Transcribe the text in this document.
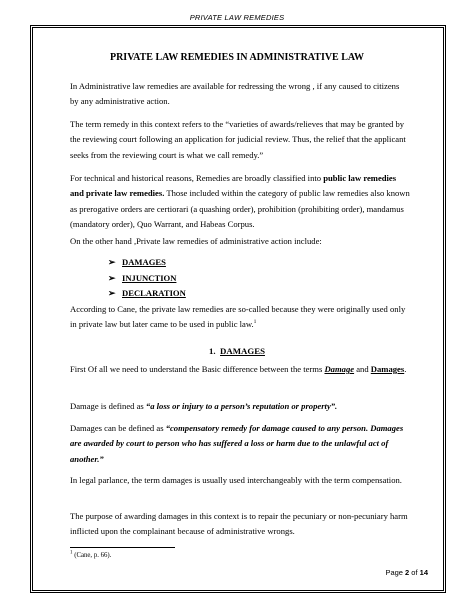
PRIVATE LAW REMEDIES
PRIVATE LAW REMEDIES IN ADMINISTRATIVE LAW

In Administrative law remedies are available for redressing the wrong , if any caused to citizens by any administrative action.

The term remedy in this context refers to the “varieties of awards/relieves that may be granted by the reviewing court following an application for judicial review. Thus, the relief that the applicant seeks from the reviewing court is what we call remedy.”

For technical and historical reasons, Remedies are broadly classified into public law remedies and private law remedies. Those included within the category of public law remedies also known as prerogative orders are certiorari (a quashing order), prohibition (prohibiting order), mandamus (mandatory order), Quo Warrant, and Habeas Corpus.

On the other hand ,Private law remedies of administrative action include:

➢ DAMAGES
➢ INJUNCTION
➢ DECLARATION

According to Cane, the private law remedies are so-called because they were originally used only in private law but later came to be used in public law.$^1$

1. DAMAGES

First Of all we need to understand the Basic difference between the terms Damage and Damages.

Damage is defined as “a loss or injury to a person’s reputation or property”.

Damages can be defined as “compensatory remedy for damage caused to any person. Damages are awarded by court to person who has suffered a loss or harm due to the unlawful act of another.”

In legal parlance, the term damages is usually used interchangeably with the term compensation.

The purpose of awarding damages in this context is to repair the pecuniary or non-pecuniary harm inflicted upon the complainant because of administrative wrongs.

$^1$ (Cane, p. 66).
Page 2 of 14
